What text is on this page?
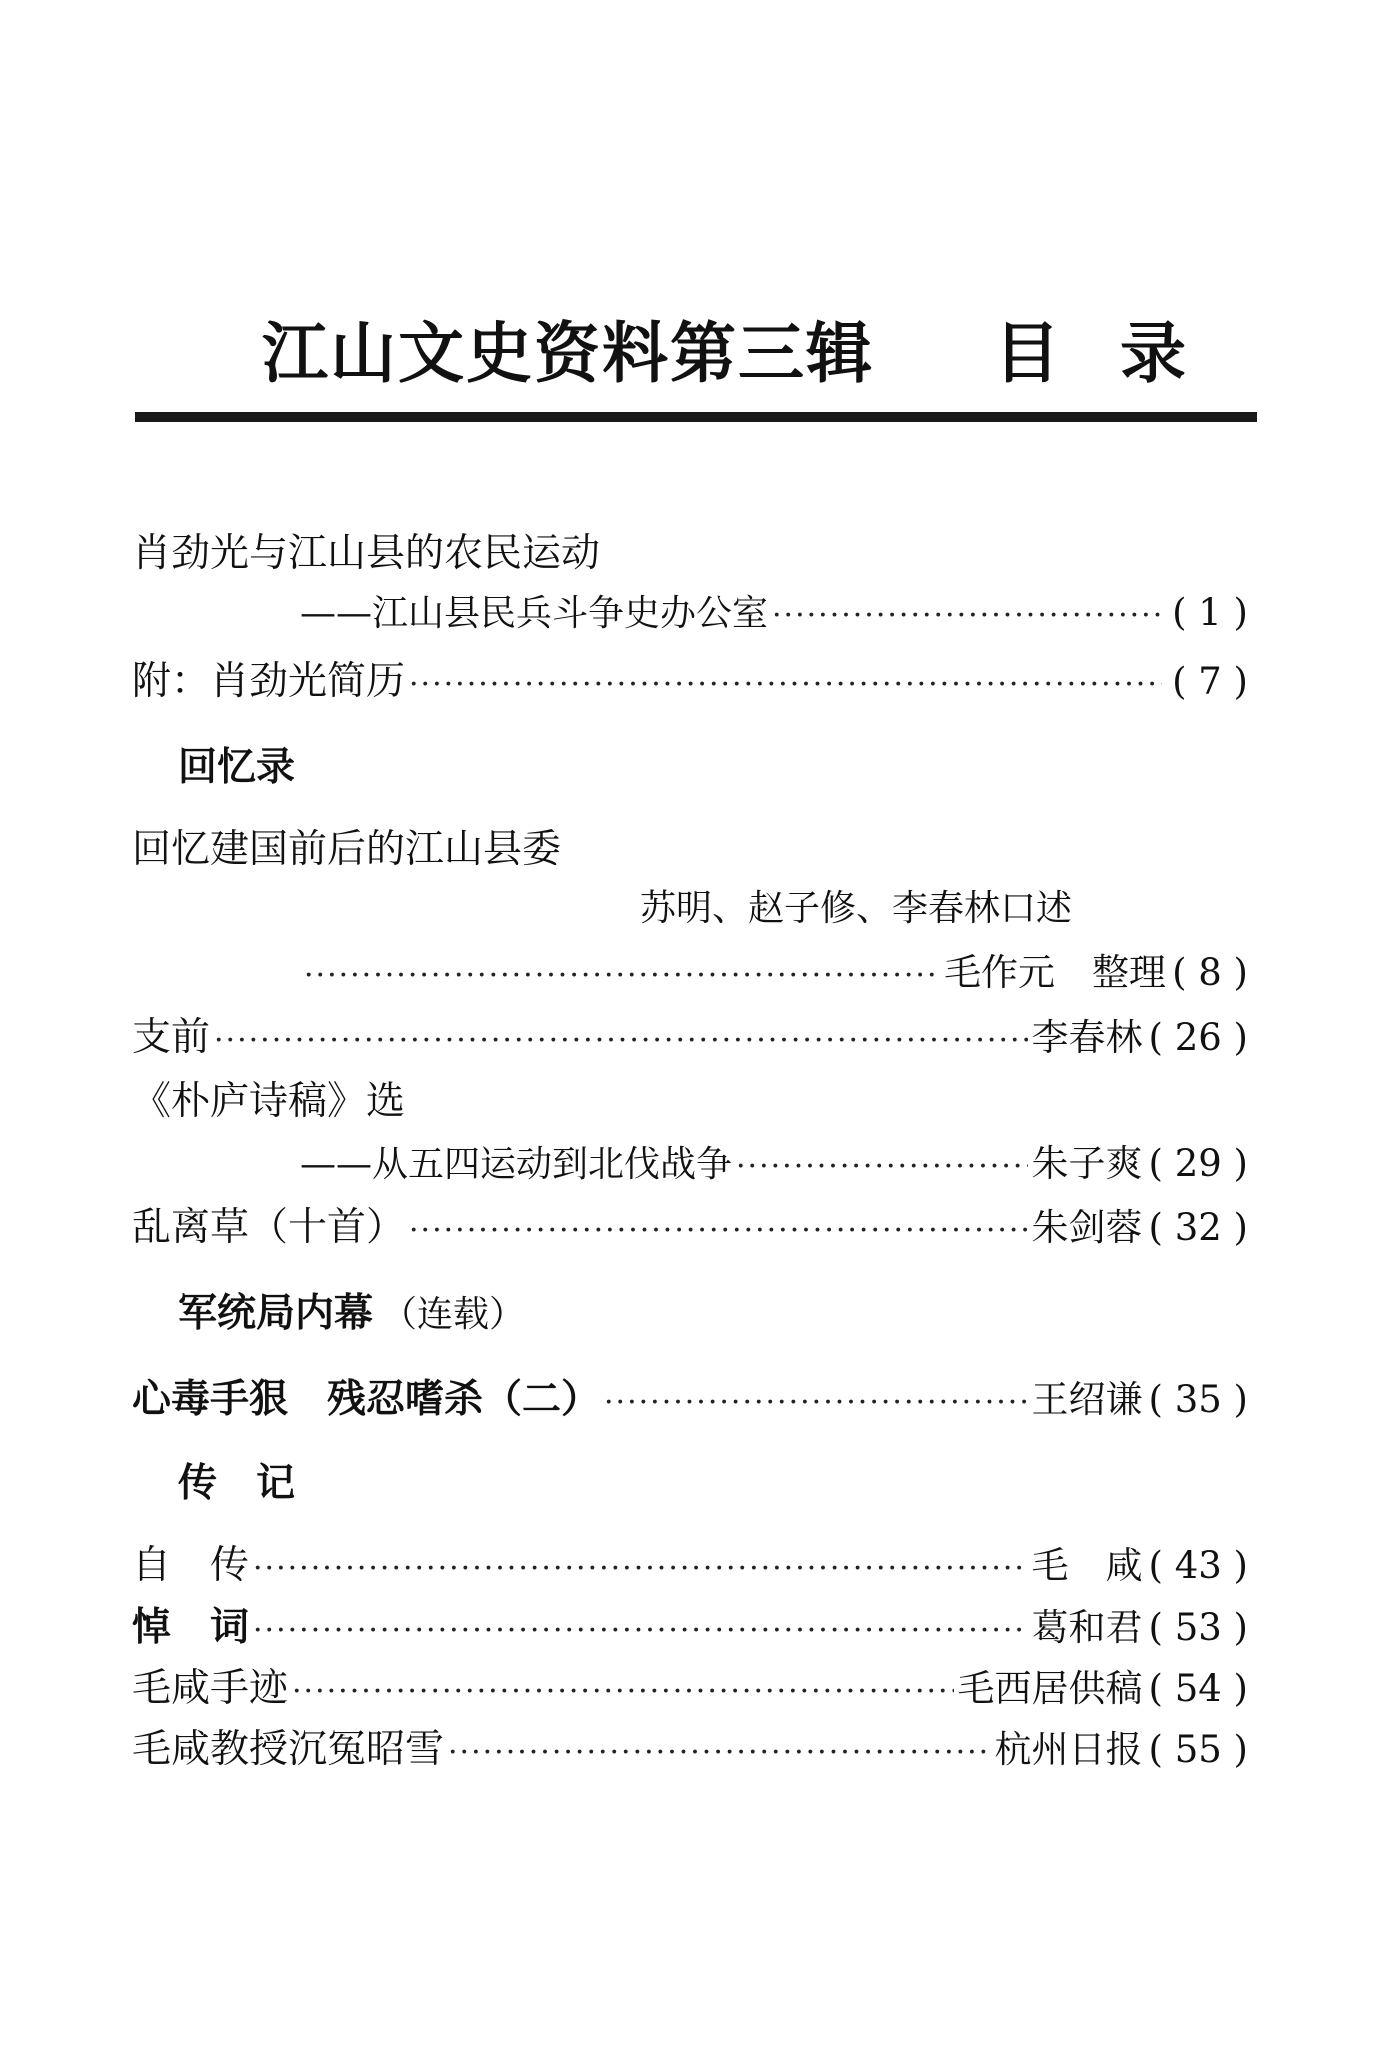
江山文史资料第三辑 目录
肖劲光与江山县的农民运动
——江山县民兵斗争史办公室 ·····	( 1 )
附：肖劲光简历 ·····	( 7 )
回忆录
回忆建国前后的江山县委
苏明、赵子修、李春林口述
·····
毛作元　整理 ( 8 )
支前 ·····	李春林 ( 26 )
《朴庐诗稿》选
——从五四运动到北伐战争 ·····	朱子爽 ( 29 )
乱离草（十首） ·····	朱剑蓉 ( 32 )
军统局内幕 （连载）
心毒手狠　残忍嗜杀（二） ·····	王绍谦 ( 35 )
传　记
自　传 ·····	毛　咸 ( 43 )
悼　词 ·····	葛和君 ( 53 )
毛咸手迹 ·····	毛西居供稿 ( 54 )
毛咸教授沉冤昭雪 ·····	杭州日报 ( 55 )
